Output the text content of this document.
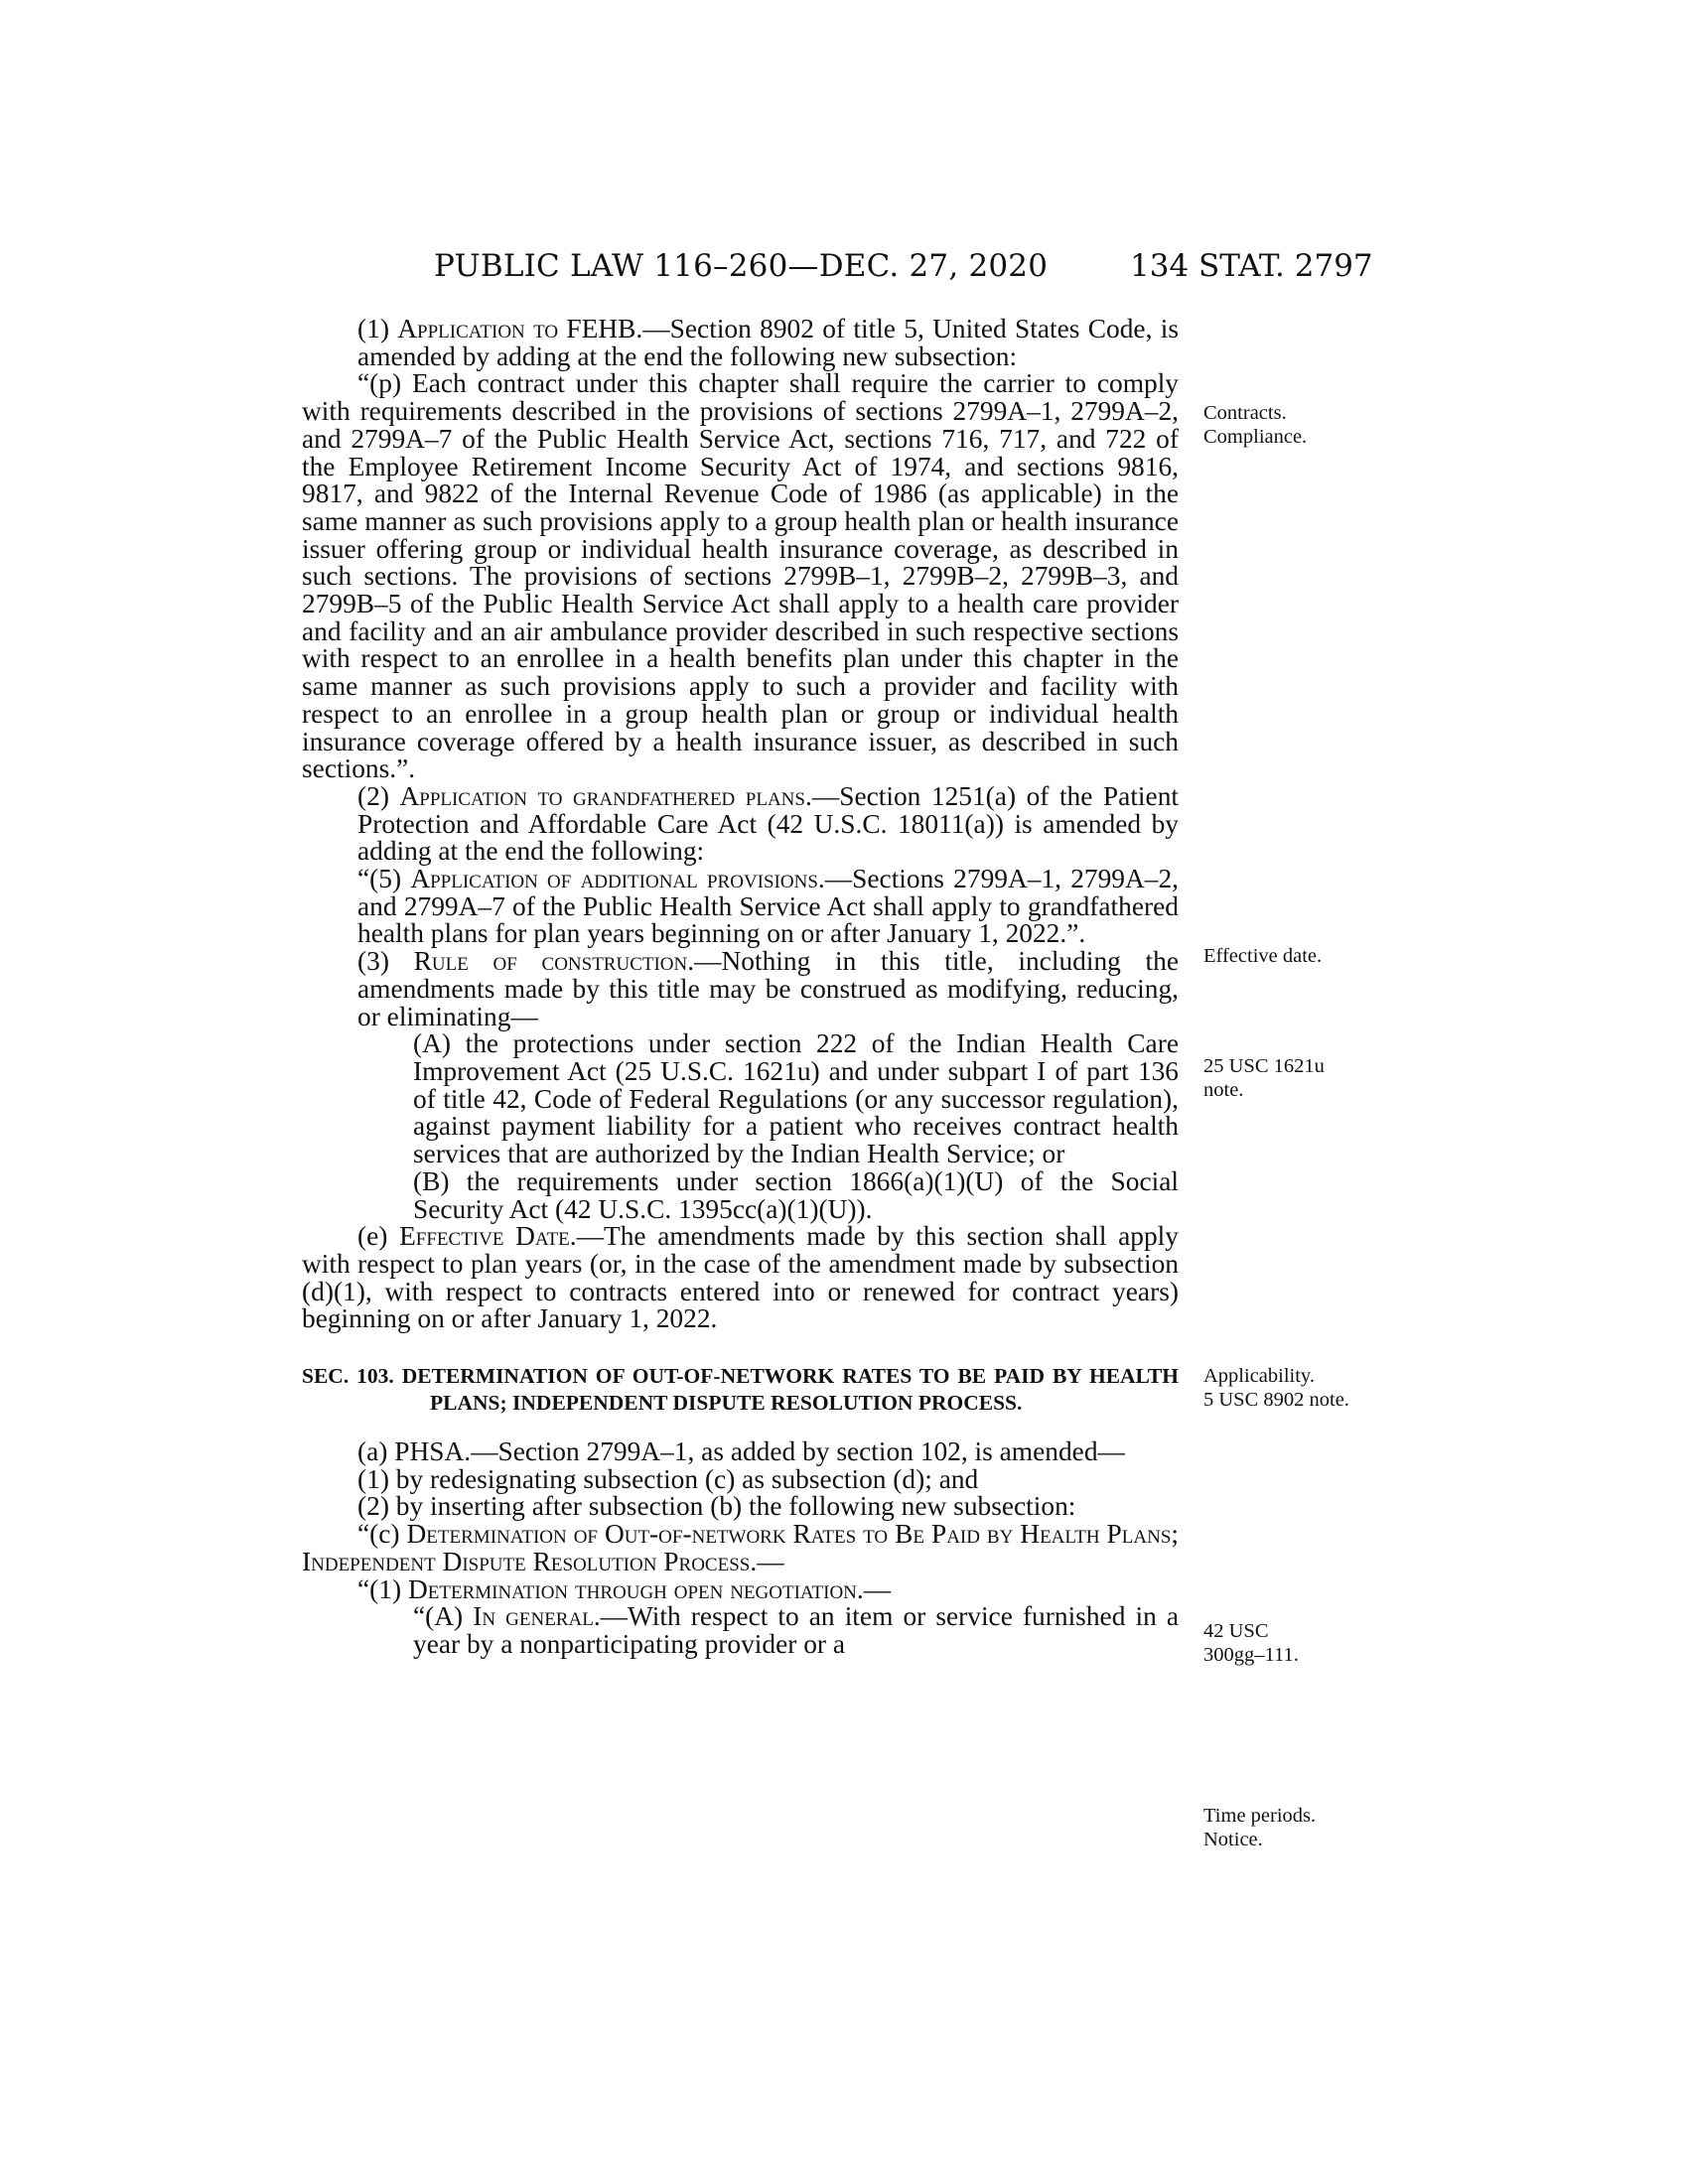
PUBLIC LAW 116–260—DEC. 27, 2020	134 STAT. 2797

(1) Application to FEHB.—Section 8902 of title 5, United States Code, is amended by adding at the end the following new subsection:

“(p) Each contract under this chapter shall require the carrier to comply with requirements described in the provisions of sections 2799A–1, 2799A–2, and 2799A–7 of the Public Health Service Act, sections 716, 717, and 722 of the Employee Retirement Income Security Act of 1974, and sections 9816, 9817, and 9822 of the Internal Revenue Code of 1986 (as applicable) in the same manner as such provisions apply to a group health plan or health insurance issuer offering group or individual health insurance coverage, as described in such sections. The provisions of sections 2799B–1, 2799B–2, 2799B–3, and 2799B–5 of the Public Health Service Act shall apply to a health care provider and facility and an air ambulance provider described in such respective sections with respect to an enrollee in a health benefits plan under this chapter in the same manner as such provisions apply to such a provider and facility with respect to an enrollee in a group health plan or group or individual health insurance coverage offered by a health insurance issuer, as described in such sections.”.

(2) Application to grandfathered plans.—Section 1251(a) of the Patient Protection and Affordable Care Act (42 U.S.C. 18011(a)) is amended by adding at the end the following:

“(5) Application of additional provisions.—Sections 2799A–1, 2799A–2, and 2799A–7 of the Public Health Service Act shall apply to grandfathered health plans for plan years beginning on or after January 1, 2022.”.

(3) Rule of construction.—Nothing in this title, including the amendments made by this title may be construed as modifying, reducing, or eliminating—

(A) the protections under section 222 of the Indian Health Care Improvement Act (25 U.S.C. 1621u) and under subpart I of part 136 of title 42, Code of Federal Regulations (or any successor regulation), against payment liability for a patient who receives contract health services that are authorized by the Indian Health Service; or

(B) the requirements under section 1866(a)(1)(U) of the Social Security Act (42 U.S.C. 1395cc(a)(1)(U)).

(e) Effective Date.—The amendments made by this section shall apply with respect to plan years (or, in the case of the amendment made by subsection (d)(1), with respect to contracts entered into or renewed for contract years) beginning on or after January 1, 2022.

SEC. 103. DETERMINATION OF OUT-OF-NETWORK RATES TO BE PAID BY HEALTH PLANS; INDEPENDENT DISPUTE RESOLUTION PROCESS.

(a) PHSA.—Section 2799A–1, as added by section 102, is amended—

(1) by redesignating subsection (c) as subsection (d); and

(2) by inserting after subsection (b) the following new subsection:

“(c) Determination of Out-of-network Rates to Be Paid by Health Plans; Independent Dispute Resolution Process.—

“(1) Determination through open negotiation.—

“(A) In general.—With respect to an item or service furnished in a year by a nonparticipating provider or a

Contracts.
Compliance.
Effective date.
25 USC 1621u
note.
Applicability.
5 USC 8902 note.
42 USC
300gg–111.
Time periods.
Notice.
